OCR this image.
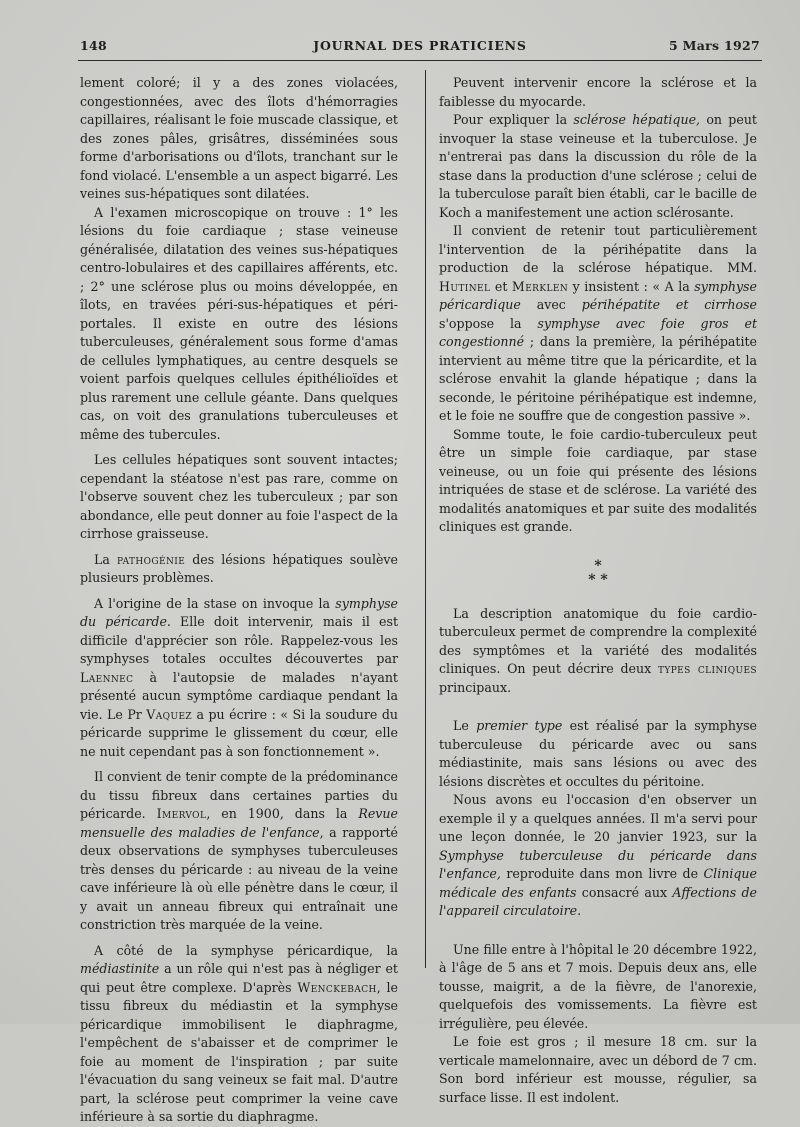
148	JOURNAL DES PRATICIENS	5 Mars 1927

lement coloré; il y a des zones violacées, congestionnées, avec des îlots d'hémorragies capillaires, réalisant le foie muscade classique, et des zones pâles, grisâtres, disséminées sous forme d'arborisations ou d'îlots, tranchant sur le fond violacé. L'ensemble a un aspect bigarré. Les veines sus-hépatiques sont dilatées.

A l'examen microscopique on trouve : 1° les lésions du foie cardiaque ; stase veineuse généralisée, dilatation des veines sus-hépatiques centro-lobulaires et des capillaires afférents, etc. ; 2° une sclérose plus ou moins développée, en îlots, en travées péri-sus-hépatiques et péri-portales. Il existe en outre des lésions tuberculeuses, généralement sous forme d'amas de cellules lymphatiques, au centre desquels se voient parfois quelques cellules épithélioïdes et plus rarement une cellule géante. Dans quelques cas, on voit des granulations tuberculeuses et même des tubercules.

Les cellules hépatiques sont souvent intactes; cependant la stéatose n'est pas rare, comme on l'observe souvent chez les tuberculeux ; par son abondance, elle peut donner au foie l'aspect de la cirrhose graisseuse.

La pathogénie des lésions hépatiques soulève plusieurs problèmes.

A l'origine de la stase on invoque la symphyse du péricarde. Elle doit intervenir, mais il est difficile d'apprécier son rôle. Rappelez-vous les symphyses totales occultes découvertes par Laennec à l'autopsie de malades n'ayant présenté aucun symptôme cardiaque pendant la vie. Le Pr Vaquez a pu écrire : « Si la soudure du péricarde supprime le glissement du cœur, elle ne nuit cependant pas à son fonctionnement ».

Il convient de tenir compte de la prédominance du tissu fibreux dans certaines parties du péricarde. Imervol, en 1900, dans la Revue mensuelle des maladies de l'enfance, a rapporté deux observations de symphyses tuberculeuses très denses du péricarde : au niveau de la veine cave inférieure là où elle pénètre dans le cœur, il y avait un anneau fibreux qui entraînait une constriction très marquée de la veine.

A côté de la symphyse péricardique, la médiastinite a un rôle qui n'est pas à négliger et qui peut être complexe. D'après Wenckebach, le tissu fibreux du médiastin et la symphyse péricardique immobilisent le diaphragme, l'empêchent de s'abaisser et de comprimer le foie au moment de l'inspiration ; par suite l'évacuation du sang veineux se fait mal. D'autre part, la sclérose peut comprimer la veine cave inférieure à sa sortie du diaphragme.

Peuvent intervenir encore la sclérose et la faiblesse du myocarde.

Pour expliquer la sclérose hépatique, on peut invoquer la stase veineuse et la tuberculose. Je n'entrerai pas dans la discussion du rôle de la stase dans la production d'une sclérose ; celui de la tuberculose paraît bien établi, car le bacille de Koch a manifestement une action sclérosante.

Il convient de retenir tout particulièrement l'intervention de la périhépatite dans la production de la sclérose hépatique. MM. Hutinel et Merklen y insistent : « A la symphyse péricardique avec périhépatite et cirrhose s'oppose la symphyse avec foie gros et congestionné ; dans la première, la périhépatite intervient au même titre que la péricardite, et la sclérose envahit la glande hépatique ; dans la seconde, le péritoine périhépatique est indemne, et le foie ne souffre que de congestion passive ».

Somme toute, le foie cardio-tuberculeux peut être un simple foie cardiaque, par stase veineuse, ou un foie qui présente des lésions intriquées de stase et de sclérose. La variété des modalités anatomiques et par suite des modalités cliniques est grande.

*
* *

La description anatomique du foie cardio-tuberculeux permet de comprendre la complexité des symptômes et la variété des modalités cliniques. On peut décrire deux types cliniques principaux.

Le premier type est réalisé par la symphyse tuberculeuse du péricarde avec ou sans médiastinite, mais sans lésions ou avec des lésions discrètes et occultes du péritoine.

Nous avons eu l'occasion d'en observer un exemple il y a quelques années. Il m'a servi pour une leçon donnée, le 20 janvier 1923, sur la Symphyse tuberculeuse du péricarde dans l'enfance, reproduite dans mon livre de Clinique médicale des enfants consacré aux Affections de l'appareil circulatoire.

Une fille entre à l'hôpital le 20 décembre 1922, à l'âge de 5 ans et 7 mois. Depuis deux ans, elle tousse, maigrit, a de la fièvre, de l'anorexie, quelquefois des vomissements. La fièvre est irrégulière, peu élevée.

Le foie est gros ; il mesure 18 cm. sur la verticale mamelonnaire, avec un débord de 7 cm. Son bord inférieur est mousse, régulier, sa surface lisse. Il est indolent.
